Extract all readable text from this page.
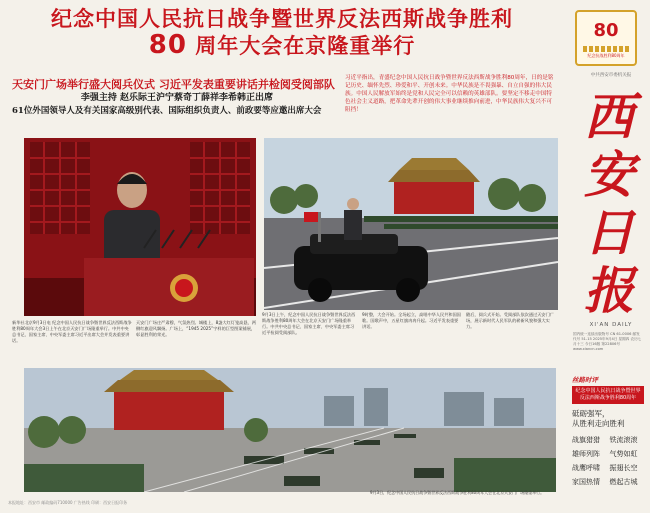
纪念中国人民抗日战争暨世界反法西斯战争胜利
80 周年大会在京隆重举行
天安门广场举行盛大阅兵仪式 习近平发表重要讲话并检阅受阅部队
李强主持 赵乐际王沪宁蔡奇丁薛祥李希韩正出席
61位外国领导人及有关国家高级别代表、国际组织负责人、前政要等应邀出席大会
习近平指出，青盛纪念中国人民抗日战争暨世界反法西斯战争胜利80周年，日的是铭记历史、缅怀先烈、珍爱和平、开创未来。中华民族是不畏强暴、自立自强的伟大民族。中国人民解放军始终是党和人民完全可以信赖的英雄部队。要坚定不移走中国特色社会主义道路，把革命先辈开创的伟大事业继续推向前进，中华民族伟大复兴不可阻挡！
新华社北京9月3日电 纪念中国人民抗日战争暨世界反法西斯战争胜利80周年大会3日上午在北京天安门广场隆重举行。中共中央总书记、国家主席、中央军委主席习近平出席大会并发表重要讲话。
天安门广场庄严肃穆，气氛热烈。城楼上，8盏大红灯笼高悬，两侧红旗迎风飘扬。广场上，“1945 2025”字样的巨型图案铺展，彰显胜利的荣光。
9月3日上午，纪念中国人民抗日战争暨世界反法西斯战争胜利80周年大会在北京天安门广场隆重举行。中共中央总书记、国家主席、中央军委主席习近平检阅受阅部队。
9时整，大会开始。全场起立，高唱中华人民共和国国歌。国歌声中，五星红旗冉冉升起。习近平发表重要讲话。
随后，阅兵式开始。受阅部队依次通过天安门广场，展示新时代人民军队的崭新风貌和强大实力。
9月3日，纪念中国人民抗日战争暨世界反法西斯战争胜利80周年大会在北京天安门广场隆重举行。
本报地址：西安市 邮政编码710000 广告热线 印刷：西安日报印务
80
纪念抗战胜利80周年
中共西安市委机关报
西安日报
XI'AN DAILY
国内统一连续出版物号 CN 61-0006 邮发代号 51-15 2025年9月4日 星期四 农历七月十三 今日16版 第22806号 www.xiancn.com
丝路时评
纪念中国人民抗日战争暨世界反法西斯战争胜利80周年
砥砺强军，
从胜利走向胜利
战旗猎猎	铁流滚滚
雄师列阵	气势如虹
战鹰呼啸	振翅长空
家国热情	燃起古城
